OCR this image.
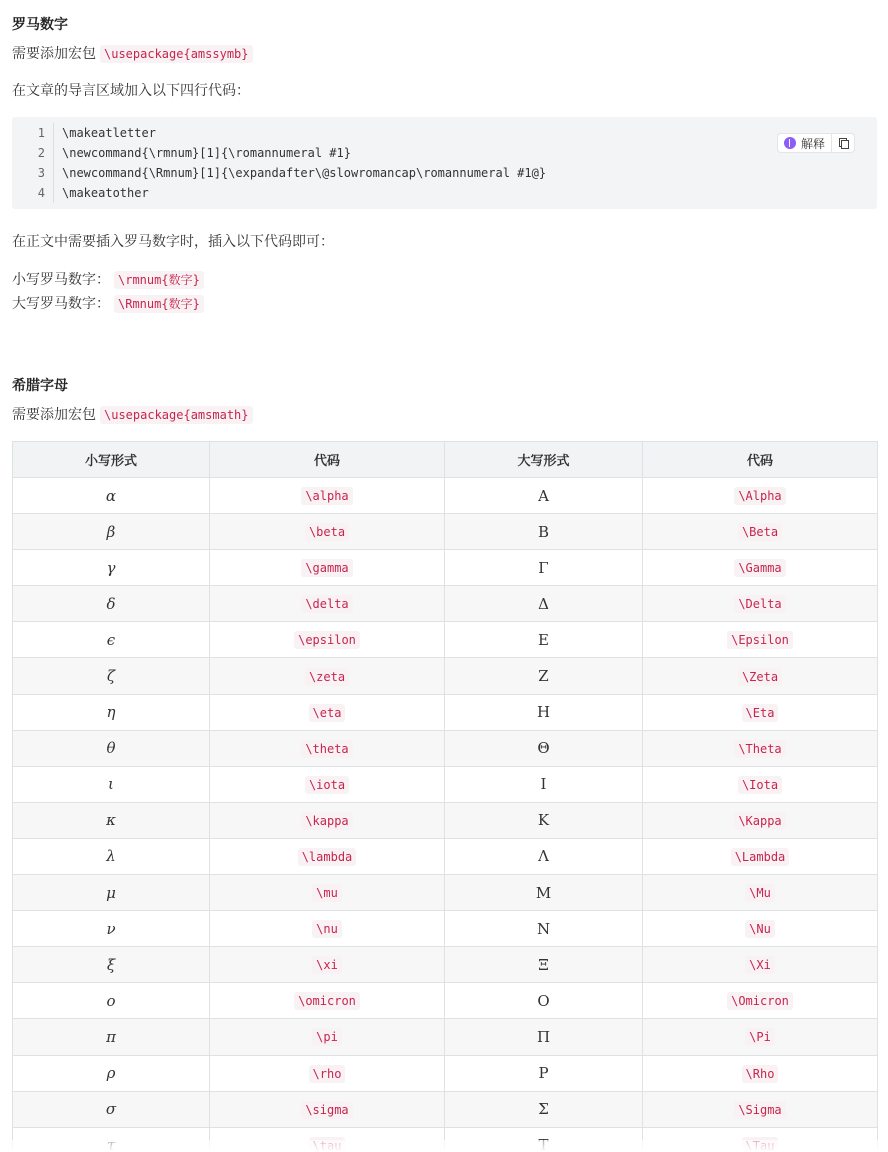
罗马数字

需要添加宏包 \usepackage{amssymb}

在文章的导言区域加入以下四行代码：

1	\makeatletter
2	\newcommand{\rmnum}[1]{\romannumeral #1}
3	\newcommand{\Rmnum}[1]{\expandafter\@slowromancap\romannumeral #1@}
4	\makeatother
解释

在正文中需要插入罗马数字时，插入以下代码即可：

小写罗马数字： \rmnum{数字}

大写罗马数字： \Rmnum{数字}

希腊字母

需要添加宏包 \usepackage{amsmath}

小写形式	代码	大写形式	代码
α	\alpha	Α	\Alpha
β	\beta	Β	\Beta
γ	\gamma	Γ	\Gamma
δ	\delta	Δ	\Delta
ϵ	\epsilon	Ε	\Epsilon
ζ	\zeta	Ζ	\Zeta
η	\eta	Η	\Eta
θ	\theta	Θ	\Theta
ι	\iota	Ι	\Iota
κ	\kappa	Κ	\Kappa
λ	\lambda	Λ	\Lambda
μ	\mu	Μ	\Mu
ν	\nu	Ν	\Nu
ξ	\xi	Ξ	\Xi
ο	\omicron	Ο	\Omicron
π	\pi	Π	\Pi
ρ	\rho	Ρ	\Rho
σ	\sigma	Σ	\Sigma
